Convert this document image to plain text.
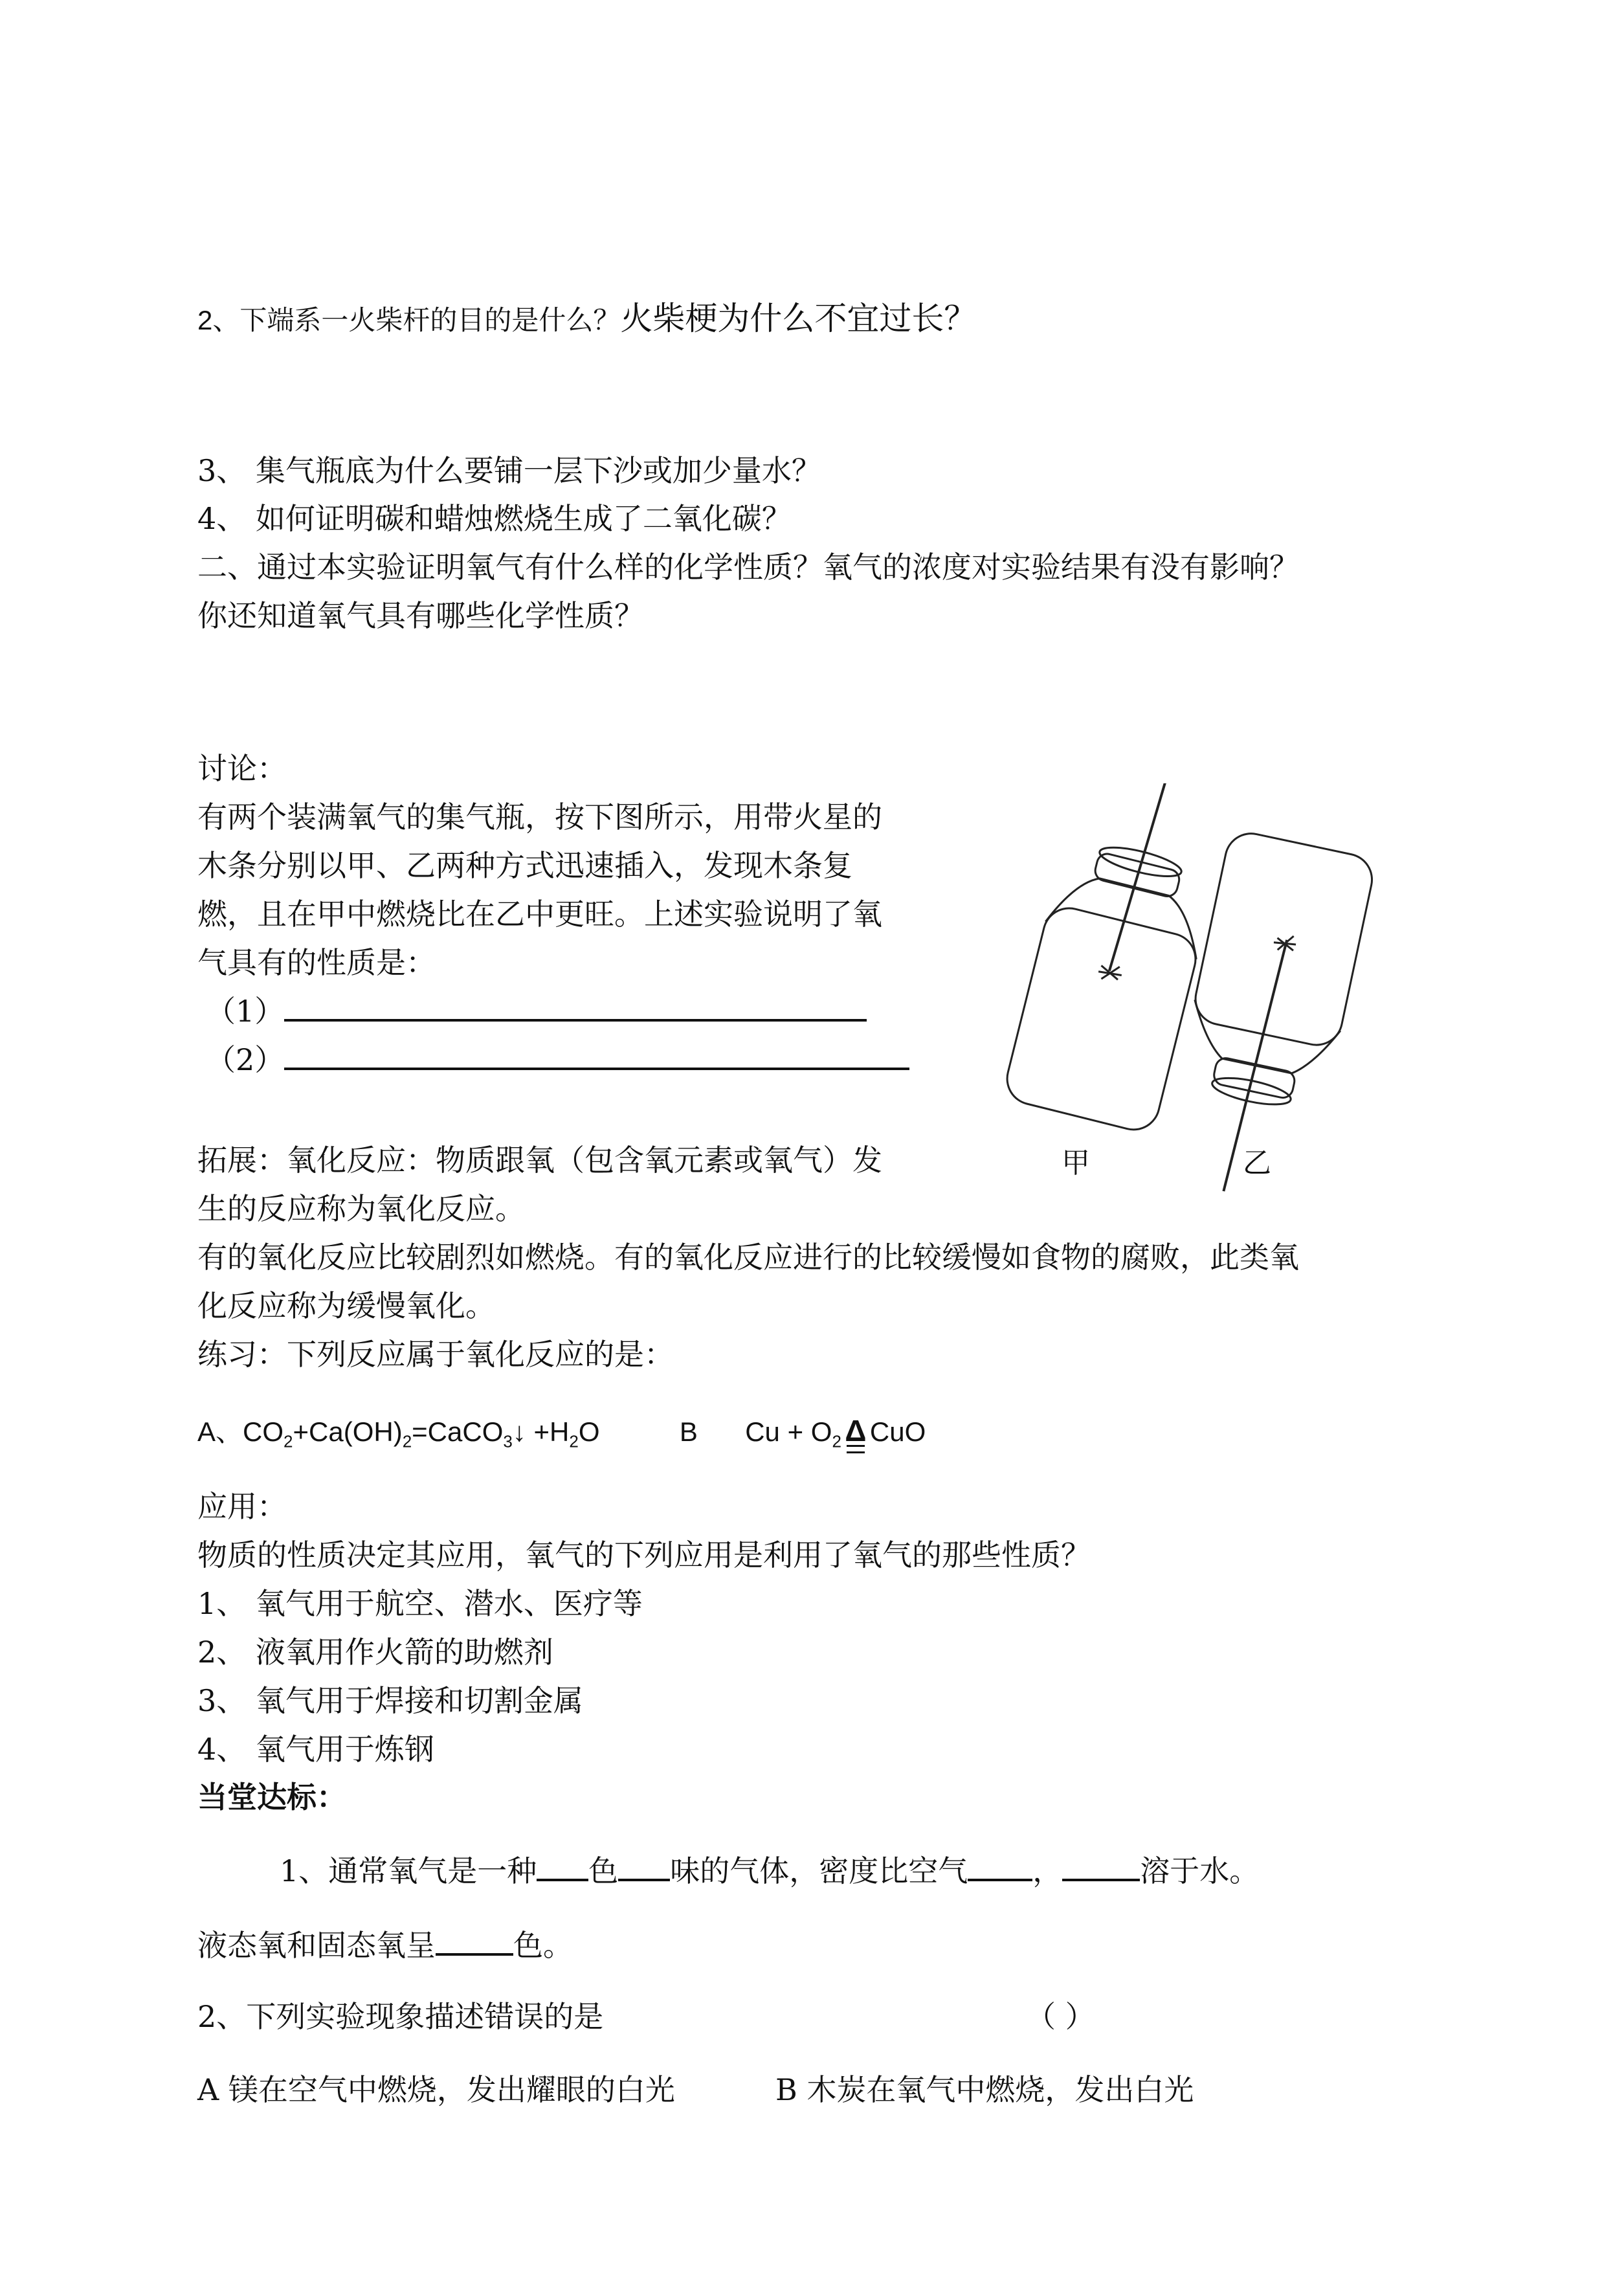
2、下端系一火柴杆的目的是什么？火柴梗为什么不宜过长？
3、 集气瓶底为什么要铺一层下沙或加少量水？
4、 如何证明碳和蜡烛燃烧生成了二氧化碳？
二、通过本实验证明氧气有什么样的化学性质？氧气的浓度对实验结果有没有影响？
你还知道氧气具有哪些化学性质？
讨论：
有两个装满氧气的集气瓶，按下图所示，用带火星的
木条分别以甲、乙两种方式迅速插入，发现木条复
燃，且在甲中燃烧比在乙中更旺。上述实验说明了氧
气具有的性质是：
（1）
（2）
甲	乙
拓展：氧化反应：物质跟氧（包含氧元素或氧气）发
生的反应称为氧化反应。
有的氧化反应比较剧烈如燃烧。有的氧化反应进行的比较缓慢如食物的腐败，此类氧
化反应称为缓慢氧化。
练习：下列反应属于氧化反应的是：
A、$CO_2+Ca(OH)_2=CaCO_3↓ +H_2O$	B $Cu + O_2$ Δ CuO
应用：
物质的性质决定其应用，氧气的下列应用是利用了氧气的那些性质？
1、 氧气用于航空、潜水、医疗等
2、 液氧用作火箭的助燃剂
3、 氧气用于焊接和切割金属
4、 氧气用于炼钢
当堂达标：
1、通常氧气是一种 色 味的气体，密度比空气 ，	溶于水。
液态氧和固态氧呈	色。
2、下列实验现象描述错误的是	（ ）
A 镁在空气中燃烧，发出耀眼的白光	B 木炭在氧气中燃烧，发出白光
